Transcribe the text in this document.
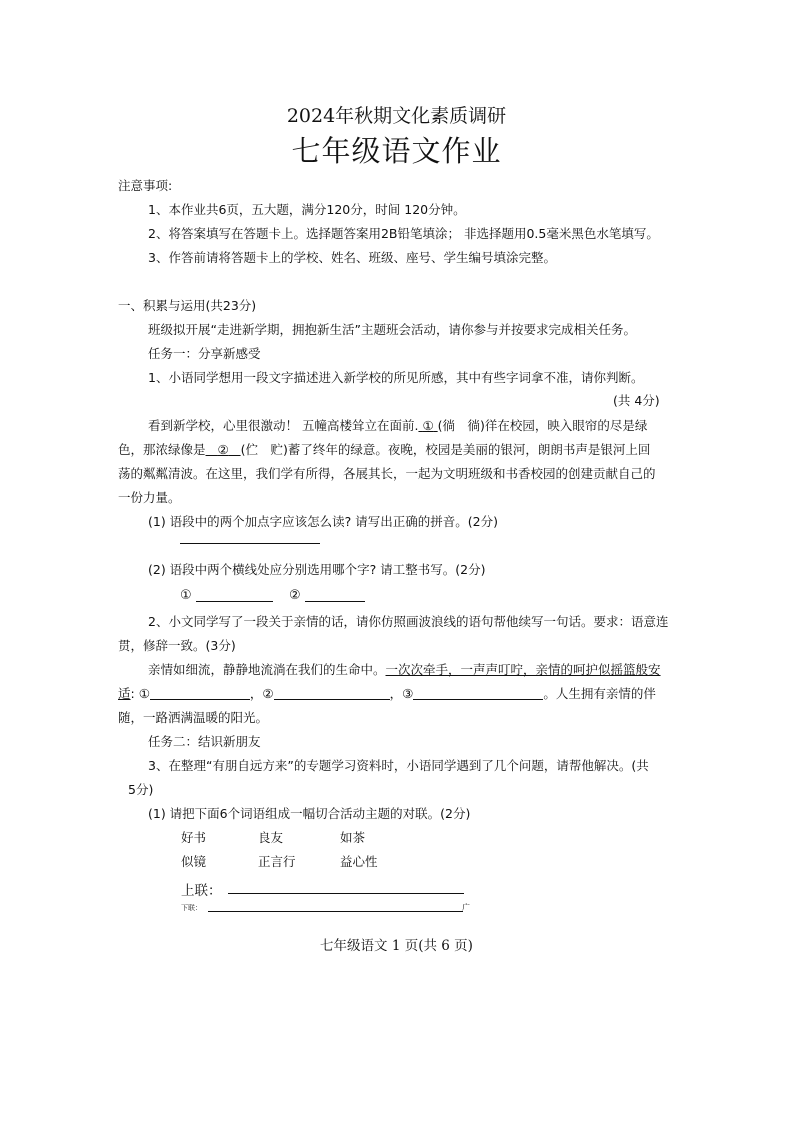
2024年秋期文化素质调研
七年级语文作业
注意事项:
1、本作业共6页，五大题，满分120分，时间 120分钟。
2、将答案填写在答题卡上。选择题答案用2B铅笔填涂； 非选择题用0.5毫米黑色水笔填写。
3、作答前请将答题卡上的学校、姓名、班级、座号、学生编号填涂完整。
一、积累与运用(共23分)
班级拟开展“走进新学期，拥抱新生活”主题班会活动，请你参与并按要求完成相关任务。
任务一：分享新感受
1、小语同学想用一段文字描述进入新学校的所见所感，其中有些字词拿不准，请你判断。
(共 4分)
看到新学校，心里很激动！ 五幢高楼耸立在面前. ① (徜　徜)徉在校园，映入眼帘的尽是绿
色，那浓绿像是 ② (伫　贮)蓄了终年的绿意。夜晚，校园是美丽的银河，朗朗书声是银河上回
荡的粼粼清波。在这里，我们学有所得，各展其长，一起为文明班级和书香校园的创建贡献自己的
一份力量。
(1) 语段中的两个加点字应该怎么读? 请写出正确的拼音。(2分)
(2) 语段中两个横线处应分别选用哪个字? 请工整书写。(2分)
①	②
2、小文同学写了一段关于亲情的话，请你仿照画波浪线的语句帮他续写一句话。要求：语意连
贯，修辞一致。(3分)
亲情如细流，静静地流淌在我们的生命中。一次次牵手，一声声叮咛，亲情的呵护似摇篮般安
适: ①	，②	，③	。人生拥有亲情的伴
随，一路洒满温暖的阳光。
任务二：结识新朋友
3、在整理“有朋自远方来”的专题学习资料时，小语同学遇到了几个问题，请帮他解决。(共
5分)
(1) 请把下面6个词语组成一幅切合活动主题的对联。(2分)
好书	良友	如茶
似镜	正言行	益心性
上联：
下联：	广
七年级语文 1 页(共 6 页)
